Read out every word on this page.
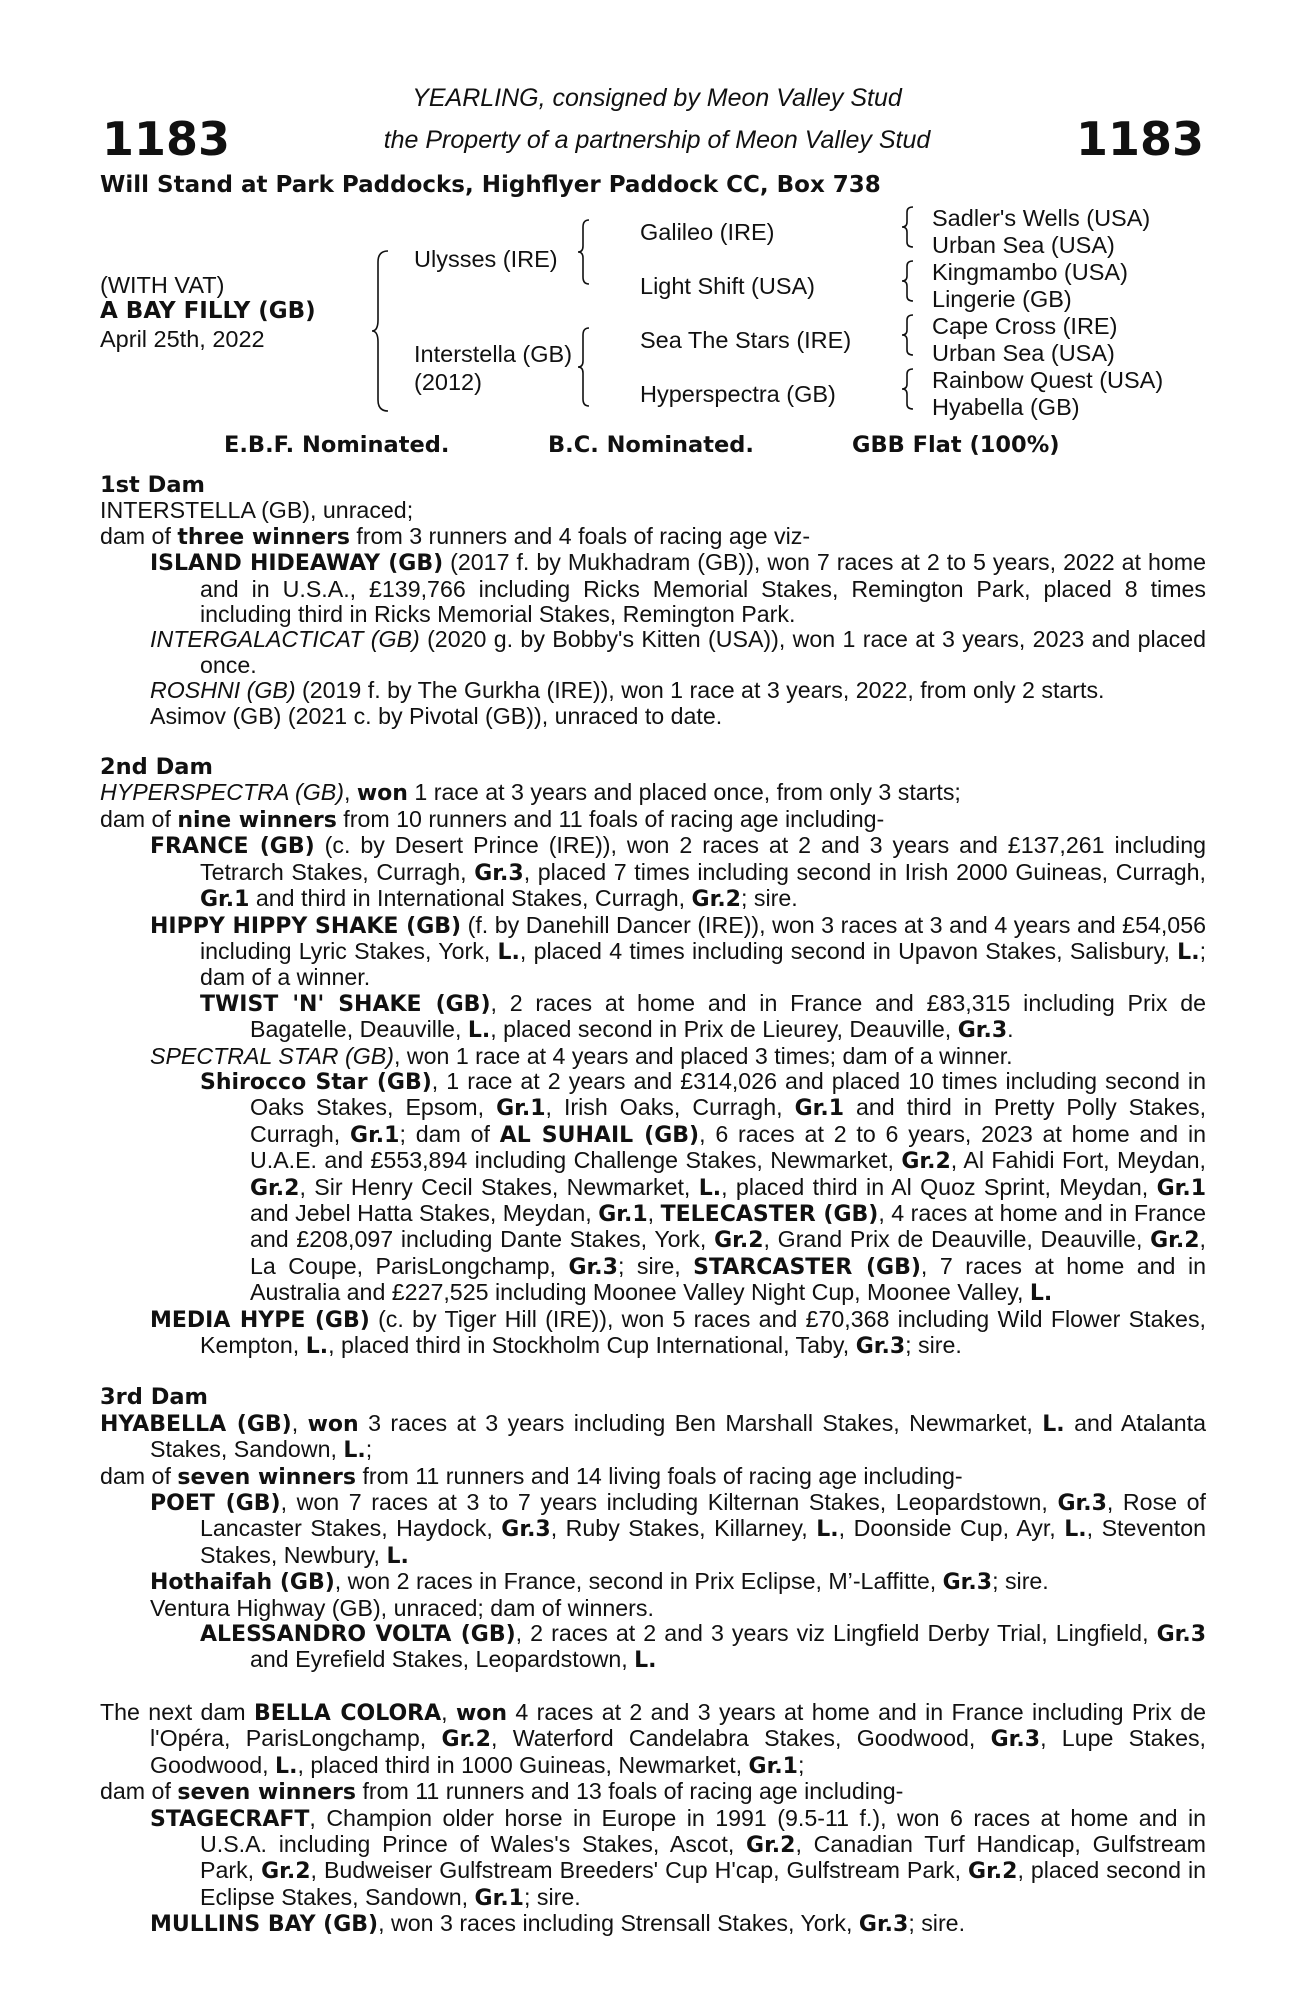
1183	1183
YEARLING, consigned by Meon Valley Stud
the Property of a partnership of Meon Valley Stud
Will Stand at Park Paddocks, Highflyer Paddock CC, Box 738
(WITH VAT)
A BAY FILLY (GB)
April 25th, 2022
Ulysses (IRE)
Interstella (GB)
(2012)
Galileo (IRE)
Light Shift (USA)
Sea The Stars (IRE)
Hyperspectra (GB)
Sadler's Wells (USA)
Urban Sea (USA)
Kingmambo (USA)
Lingerie (GB)
Cape Cross (IRE)
Urban Sea (USA)
Rainbow Quest (USA)
Hyabella (GB)
E.B.F. Nominated.	B.C. Nominated.	GBB Flat (100%)

1st Dam

INTERSTELLA (GB), unraced;

dam of three winners from 3 runners and 4 foals of racing age viz-

ISLAND HIDEAWAY (GB) (2017 f. by Mukhadram (GB)), won 7 races at 2 to 5 years, 2022 at home and in U.S.A., £139,766 including Ricks Memorial Stakes, Remington Park, placed 8 times including third in Ricks Memorial Stakes, Remington Park.

INTERGALACTICAT (GB) (2020 g. by Bobby's Kitten (USA)), won 1 race at 3 years, 2023 and placed once.

ROSHNI (GB) (2019 f. by The Gurkha (IRE)), won 1 race at 3 years, 2022, from only 2 starts.

Asimov (GB) (2021 c. by Pivotal (GB)), unraced to date.

2nd Dam

HYPERSPECTRA (GB), won 1 race at 3 years and placed once, from only 3 starts;

dam of nine winners from 10 runners and 11 foals of racing age including-

FRANCE (GB) (c. by Desert Prince (IRE)), won 2 races at 2 and 3 years and £137,261 including Tetrarch Stakes, Curragh, Gr.3, placed 7 times including second in Irish 2000 Guineas, Curragh, Gr.1 and third in International Stakes, Curragh, Gr.2; sire.

HIPPY HIPPY SHAKE (GB) (f. by Danehill Dancer (IRE)), won 3 races at 3 and 4 years and £54,056 including Lyric Stakes, York, L., placed 4 times including second in Upavon Stakes, Salisbury, L.; dam of a winner.

TWIST 'N' SHAKE (GB), 2 races at home and in France and £83,315 including Prix de Bagatelle, Deauville, L., placed second in Prix de Lieurey, Deauville, Gr.3.

SPECTRAL STAR (GB), won 1 race at 4 years and placed 3 times; dam of a winner.

Shirocco Star (GB), 1 race at 2 years and £314,026 and placed 10 times including second in Oaks Stakes, Epsom, Gr.1, Irish Oaks, Curragh, Gr.1 and third in Pretty Polly Stakes, Curragh, Gr.1; dam of AL SUHAIL (GB), 6 races at 2 to 6 years, 2023 at home and in U.A.E. and £553,894 including Challenge Stakes, Newmarket, Gr.2, Al Fahidi Fort, Meydan, Gr.2, Sir Henry Cecil Stakes, Newmarket, L., placed third in Al Quoz Sprint, Meydan, Gr.1 and Jebel Hatta Stakes, Meydan, Gr.1, TELECASTER (GB), 4 races at home and in France and £208,097 including Dante Stakes, York, Gr.2, Grand Prix de Deauville, Deauville, Gr.2, La Coupe, ParisLongchamp, Gr.3; sire, STARCASTER (GB), 7 races at home and in Australia and £227,525 including Moonee Valley Night Cup, Moonee Valley, L.

MEDIA HYPE (GB) (c. by Tiger Hill (IRE)), won 5 races and £70,368 including Wild Flower Stakes, Kempton, L., placed third in Stockholm Cup International, Taby, Gr.3; sire.

3rd Dam

HYABELLA (GB), won 3 races at 3 years including Ben Marshall Stakes, Newmarket, L. and Atalanta Stakes, Sandown, L.;

dam of seven winners from 11 runners and 14 living foals of racing age including-

POET (GB), won 7 races at 3 to 7 years including Kilternan Stakes, Leopardstown, Gr.3, Rose of Lancaster Stakes, Haydock, Gr.3, Ruby Stakes, Killarney, L., Doonside Cup, Ayr, L., Steventon Stakes, Newbury, L.

Hothaifah (GB), won 2 races in France, second in Prix Eclipse, M’-Laffitte, Gr.3; sire.

Ventura Highway (GB), unraced; dam of winners.

ALESSANDRO VOLTA (GB), 2 races at 2 and 3 years viz Lingfield Derby Trial, Lingfield, Gr.3 and Eyrefield Stakes, Leopardstown, L.

The next dam BELLA COLORA, won 4 races at 2 and 3 years at home and in France including Prix de l'Opéra, ParisLongchamp, Gr.2, Waterford Candelabra Stakes, Goodwood, Gr.3, Lupe Stakes, Goodwood, L., placed third in 1000 Guineas, Newmarket, Gr.1;

dam of seven winners from 11 runners and 13 foals of racing age including-

STAGECRAFT, Champion older horse in Europe in 1991 (9.5-11 f.), won 6 races at home and in U.S.A. including Prince of Wales's Stakes, Ascot, Gr.2, Canadian Turf Handicap, Gulfstream Park, Gr.2, Budweiser Gulfstream Breeders' Cup H'cap, Gulfstream Park, Gr.2, placed second in Eclipse Stakes, Sandown, Gr.1; sire.

MULLINS BAY (GB), won 3 races including Strensall Stakes, York, Gr.3; sire.
